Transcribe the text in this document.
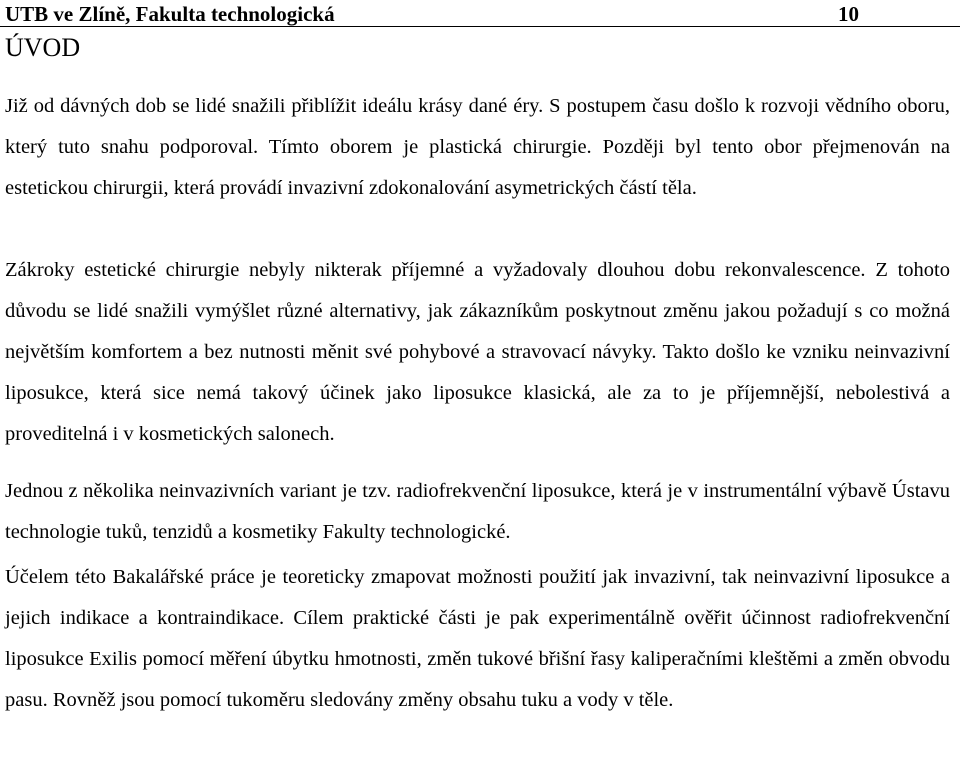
UTB ve Zlíně, Fakulta technologická	10
ÚVOD

Již od dávných dob se lidé snažili přiblížit ideálu krásy dané éry. S postupem času došlo k rozvoji vědního oboru, který tuto snahu podporoval. Tímto oborem je plastická chirurgie. Později byl tento obor přejmenován na estetickou chirurgii, která provádí invazivní zdokonalování asymetrických částí těla.

Zákroky estetické chirurgie nebyly nikterak příjemné a vyžadovaly dlouhou dobu rekonvalescence. Z tohoto důvodu se lidé snažili vymýšlet různé alternativy, jak zákazníkům poskytnout změnu jakou požadují s co možná největším komfortem a bez nutnosti měnit své pohybové a stravovací návyky. Takto došlo ke vzniku neinvazivní liposukce, která sice nemá takový účinek jako liposukce klasická, ale za to je příjemnější, nebolestivá a proveditelná i v kosmetických salonech.

Jednou z několika neinvazivních variant je tzv. radiofrekvenční liposukce, která je v instrumentální výbavě Ústavu technologie tuků, tenzidů a kosmetiky Fakulty technologické.

Účelem této Bakalářské práce je teoreticky zmapovat možnosti použití jak invazivní, tak neinvazivní liposukce a jejich indikace a kontraindikace. Cílem praktické části je pak experimentálně ověřit účinnost radiofrekvenční liposukce Exilis pomocí měření úbytku hmotnosti, změn tukové břišní řasy kaliperačními kleštěmi a změn obvodu pasu. Rovněž jsou pomocí tukoměru sledovány změny obsahu tuku a vody v těle.
